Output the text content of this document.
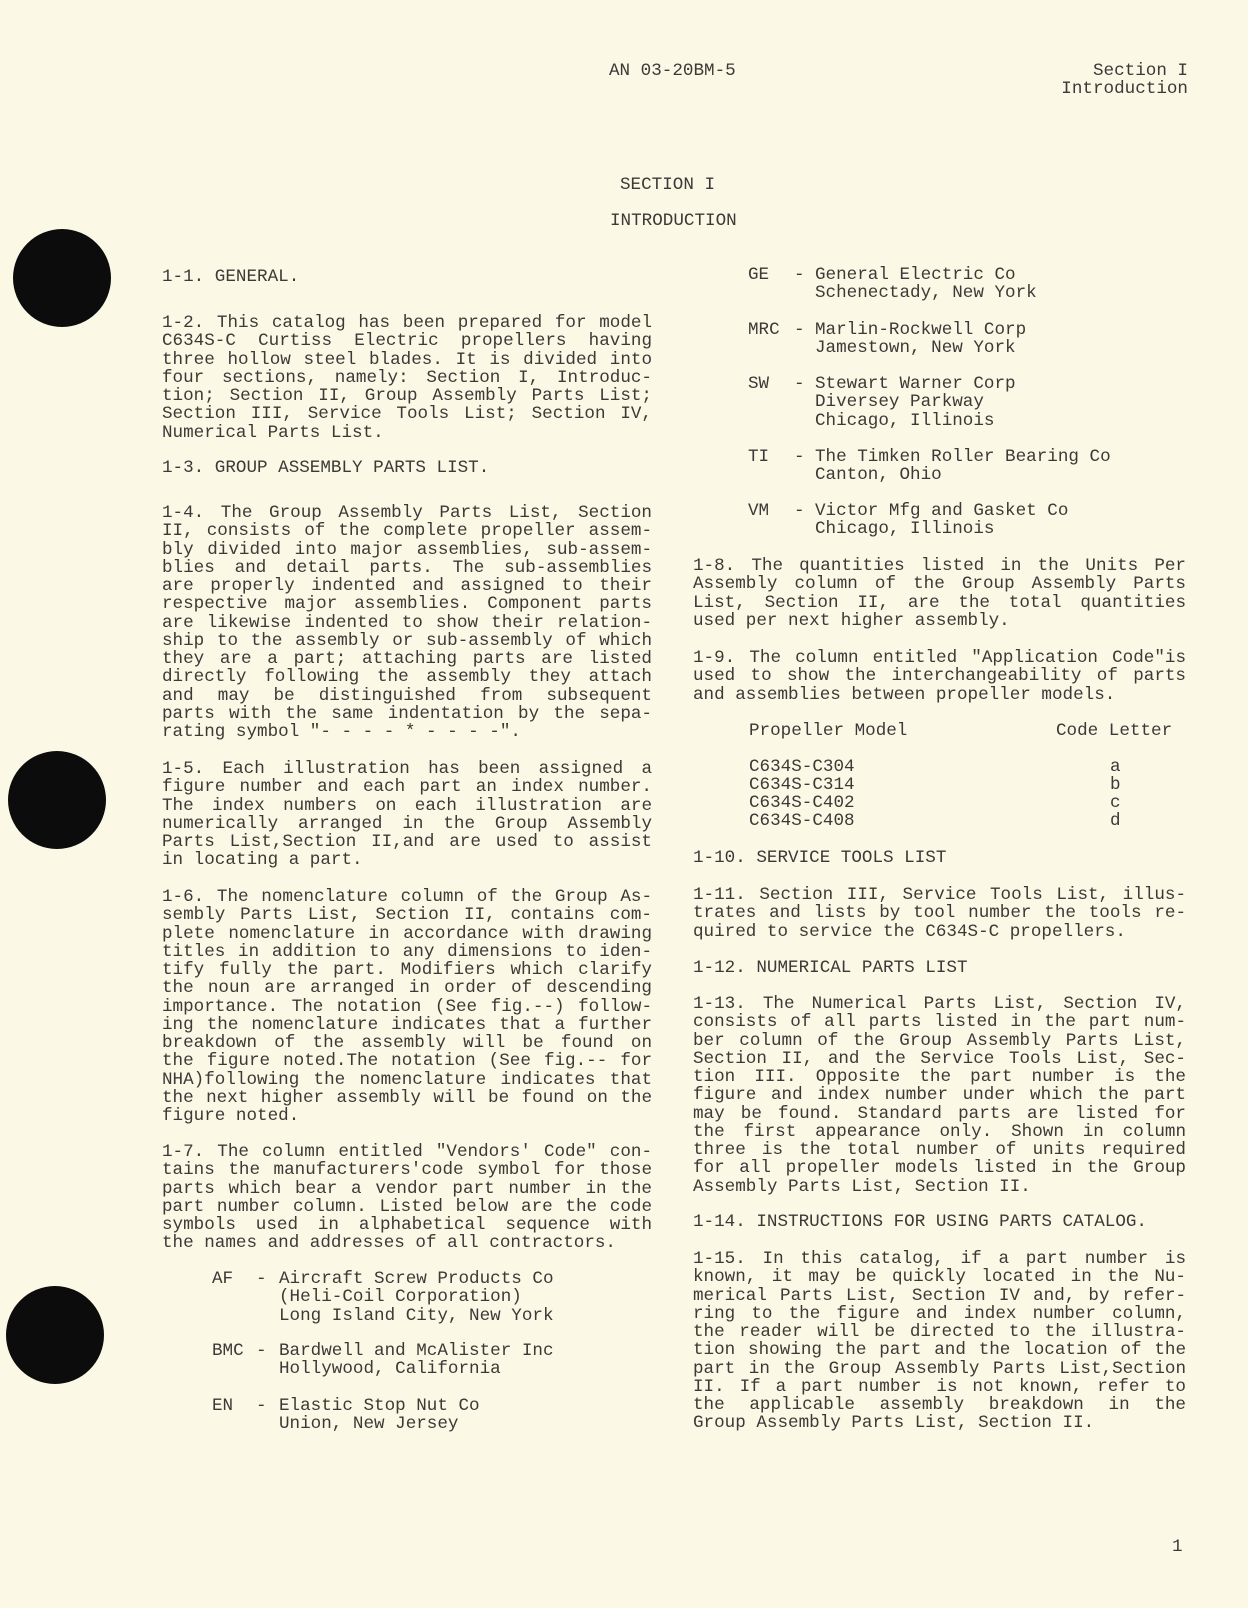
AN 03-20BM-5	Section I
Introduction
SECTION I
INTRODUCTION
1-1. GENERAL.
1-2. This catalog has been prepared for model
C634S-C Curtiss Electric propellers having
three hollow steel blades. It is divided into
four sections, namely: Section I, Introduc-
tion; Section II, Group Assembly Parts List;
Section III, Service Tools List; Section IV,
Numerical Parts List.
1-3. GROUP ASSEMBLY PARTS LIST.
1-4. The Group Assembly Parts List, Section
II, consists of the complete propeller assem-
bly divided into major assemblies, sub-assem-
blies and detail parts. The sub-assemblies
are properly indented and assigned to their
respective major assemblies. Component parts
are likewise indented to show their relation-
ship to the assembly or sub-assembly of which
they are a part; attaching parts are listed
directly following the assembly they attach
and may be distinguished from subsequent
parts with the same indentation by the sepa-
rating symbol "- - - - * - - - -".
1-5. Each illustration has been assigned a
figure number and each part an index number.
The index numbers on each illustration are
numerically arranged in the Group Assembly
Parts List,Section II,and are used to assist
in locating a part.
1-6. The nomenclature column of the Group As-
sembly Parts List, Section II, contains com-
plete nomenclature in accordance with drawing
titles in addition to any dimensions to iden-
tify fully the part. Modifiers which clarify
the noun are arranged in order of descending
importance. The notation (See fig.--) follow-
ing the nomenclature indicates that a further
breakdown of the assembly will be found on
the figure noted.The notation (See fig.-- for
NHA)following the nomenclature indicates that
the next higher assembly will be found on the
figure noted.
1-7. The column entitled "Vendors' Code" con-
tains the manufacturers'code symbol for those
parts which bear a vendor part number in the
part number column. Listed below are the code
symbols used in alphabetical sequence with
the names and addresses of all contractors.
AF - Aircraft Screw Products Co
(Heli-Coil Corporation)
Long Island City, New York
BMC - Bardwell and McAlister Inc
Hollywood, California
EN - Elastic Stop Nut Co
Union, New Jersey
1-8. The quantities listed in the Units Per
Assembly column of the Group Assembly Parts
List, Section II, are the total quantities
used per next higher assembly.
1-9. The column entitled "Application Code"is
used to show the interchangeability of parts
and assemblies between propeller models.
1-10. SERVICE TOOLS LIST
1-11. Section III, Service Tools List, illus-
trates and lists by tool number the tools re-
quired to service the C634S-C propellers.
1-12. NUMERICAL PARTS LIST
1-13. The Numerical Parts List, Section IV,
consists of all parts listed in the part num-
ber column of the Group Assembly Parts List,
Section II, and the Service Tools List, Sec-
tion III. Opposite the part number is the
figure and index number under which the part
may be found. Standard parts are listed for
the first appearance only. Shown in column
three is the total number of units required
for all propeller models listed in the Group
Assembly Parts List, Section II.
1-14. INSTRUCTIONS FOR USING PARTS CATALOG.
1-15. In this catalog, if a part number is
known, it may be quickly located in the Nu-
merical Parts List, Section IV and, by refer-
ring to the figure and index number column,
the reader will be directed to the illustra-
tion showing the part and the location of the
part in the Group Assembly Parts List,Section
II. If a part number is not known, refer to
the applicable assembly breakdown in the
Group Assembly Parts List, Section II.
GE - General Electric Co
Schenectady, New York
MRC - Marlin-Rockwell Corp
Jamestown, New York
SW - Stewart Warner Corp
Diversey Parkway
Chicago, Illinois
TI - The Timken Roller Bearing Co
Canton, Ohio
VM - Victor Mfg and Gasket Co
Chicago, Illinois
Propeller Model	Code Letter
C634S-C304	a
C634S-C314	b
C634S-C402	c
C634S-C408	d
1
